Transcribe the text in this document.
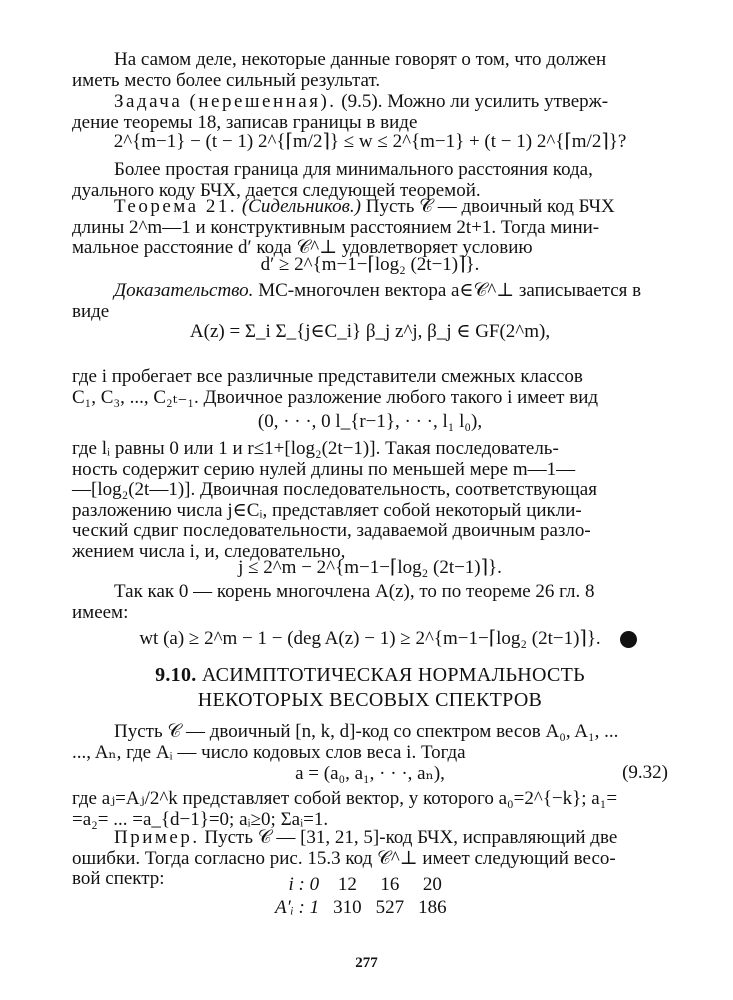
На самом деле, некоторые данные говорят о том, что должен
иметь место более сильный результат.
Задача (нерешенная). (9.5). Можно ли усилить утверж-
дение теоремы 18, записав границы в виде
2^{m−1} − (t − 1) 2^{⌈m/2⌉} ≤ w ≤ 2^{m−1} + (t − 1) 2^{⌈m/2⌉}?
Более простая граница для минимального расстояния кода,
дуального коду БЧХ, дается следующей теоремой.
Теорема 21. (Сидельников.) Пусть 𝒞 — двоичный код БЧХ
длины 2^m—1 и конструктивным расстоянием 2t+1. Тогда мини-
мальное расстояние d′ кода 𝒞^⊥ удовлетворяет условию
d′ ≥ 2^{m−1−⌈log₂ (2t−1)⌉}.
Доказательство. МС-многочлен вектора a∈𝒞^⊥ записывается в
виде
A(z) = Σ_i Σ_{j∈C_i} β_j z^j, β_j ∈ GF(2^m),
где i пробегает все различные представители смежных классов
C₁, C₃, ..., C₂ₜ₋₁. Двоичное разложение любого такого i имеет вид
(0, · · ·, 0 l_{r−1}, · · ·, l₁ l₀),
где lᵢ равны 0 или 1 и r≤1+[log₂(2t−1)]. Такая последователь-
ность содержит серию нулей длины по меньшей мере m—1—
—[log₂(2t—1)]. Двоичная последовательность, соответствующая
разложению числа j∈Cᵢ, представляет собой некоторый цикли-
ческий сдвиг последовательности, задаваемой двоичным разло-
жением числа i, и, следовательно,
j ≤ 2^m − 2^{m−1−⌈log₂ (2t−1)⌉}.
Так как 0 — корень многочлена A(z), то по теореме 26 гл. 8
имеем:
wt (a) ≥ 2^m − 1 − (deg A(z) − 1) ≥ 2^{m−1−⌈log₂ (2t−1)⌉}.
9.10. АСИМПТОТИЧЕСКАЯ НОРМАЛЬНОСТЬ
НЕКОТОРЫХ ВЕСОВЫХ СПЕКТРОВ
Пусть 𝒞 — двоичный [n, k, d]-код со спектром весов A₀, A₁, ...
..., Aₙ, где Aᵢ — число кодовых слов веса i. Тогда
a = (a₀, a₁, · · ·, aₙ),	(9.32)
где aⱼ=Aⱼ/2^k представляет собой вектор, у которого a₀=2^{−k}; a₁=
=a₂= ... =a_{d−1}=0; aᵢ≥0; Σaᵢ=1.
Пример. Пусть 𝒞 — [31, 21, 5]-код БЧХ, исправляющий две
ошибки. Тогда согласно рис. 15.3 код 𝒞^⊥ имеет следующий весо-
вой спектр:	i : 0	12	16	20
A′ᵢ : 1	310	527	186
277
